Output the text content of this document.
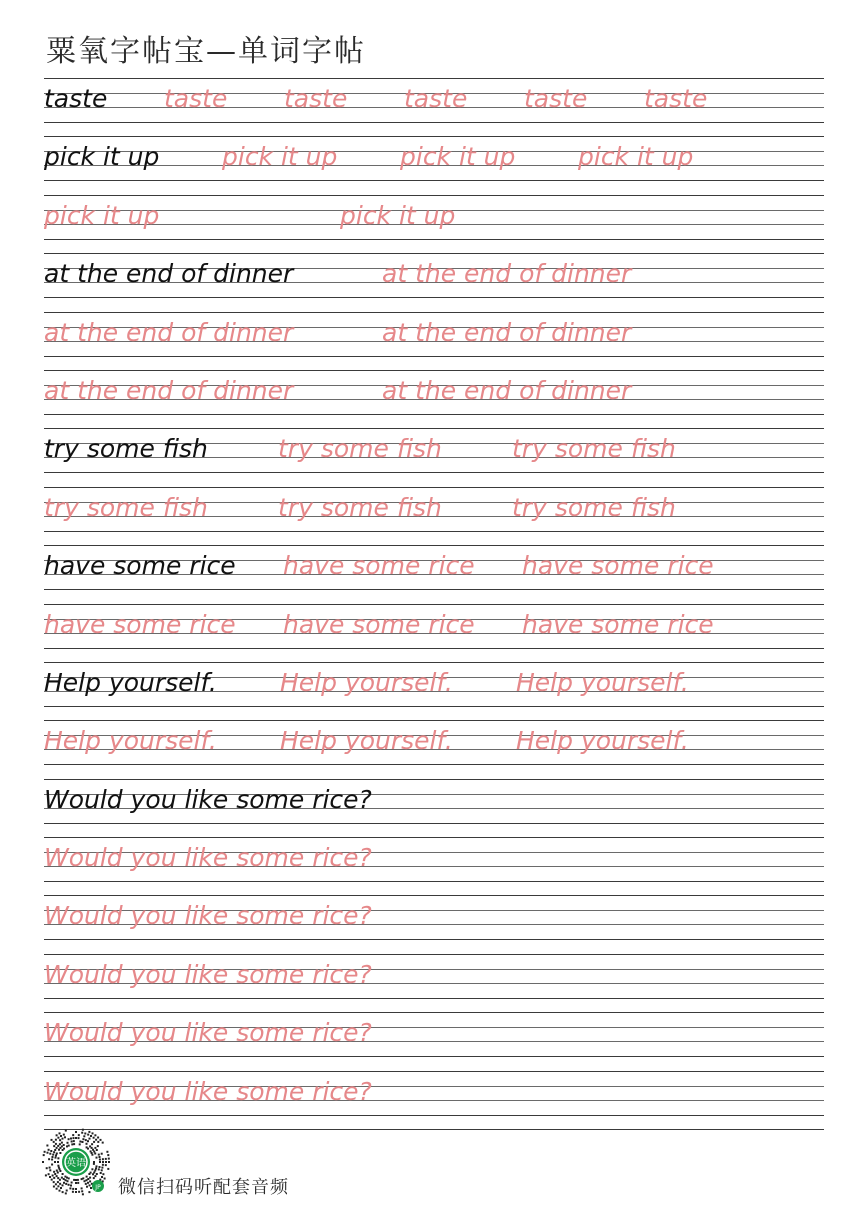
粟氧字帖宝—单词字帖
taste taste taste taste taste taste
pick it up	pick it up	pick it up	pick it up
pick it up	pick it up
at the end of dinner	at the end of dinner
at the end of dinner	at the end of dinner
at the end of dinner	at the end of dinner
try some fish	try some fish	try some fish
try some fish	try some fish	try some fish
have some rice have some rice have some rice
have some rice have some rice have some rice
Help yourself.	Help yourself.	Help yourself.
Help yourself.	Help yourself.	Help yourself.
Would you like some rice?
Would you like some rice?
Would you like some rice?
Would you like some rice?
Would you like some rice?
Would you like some rice?
英语
JP 微信扫码听配套音频
